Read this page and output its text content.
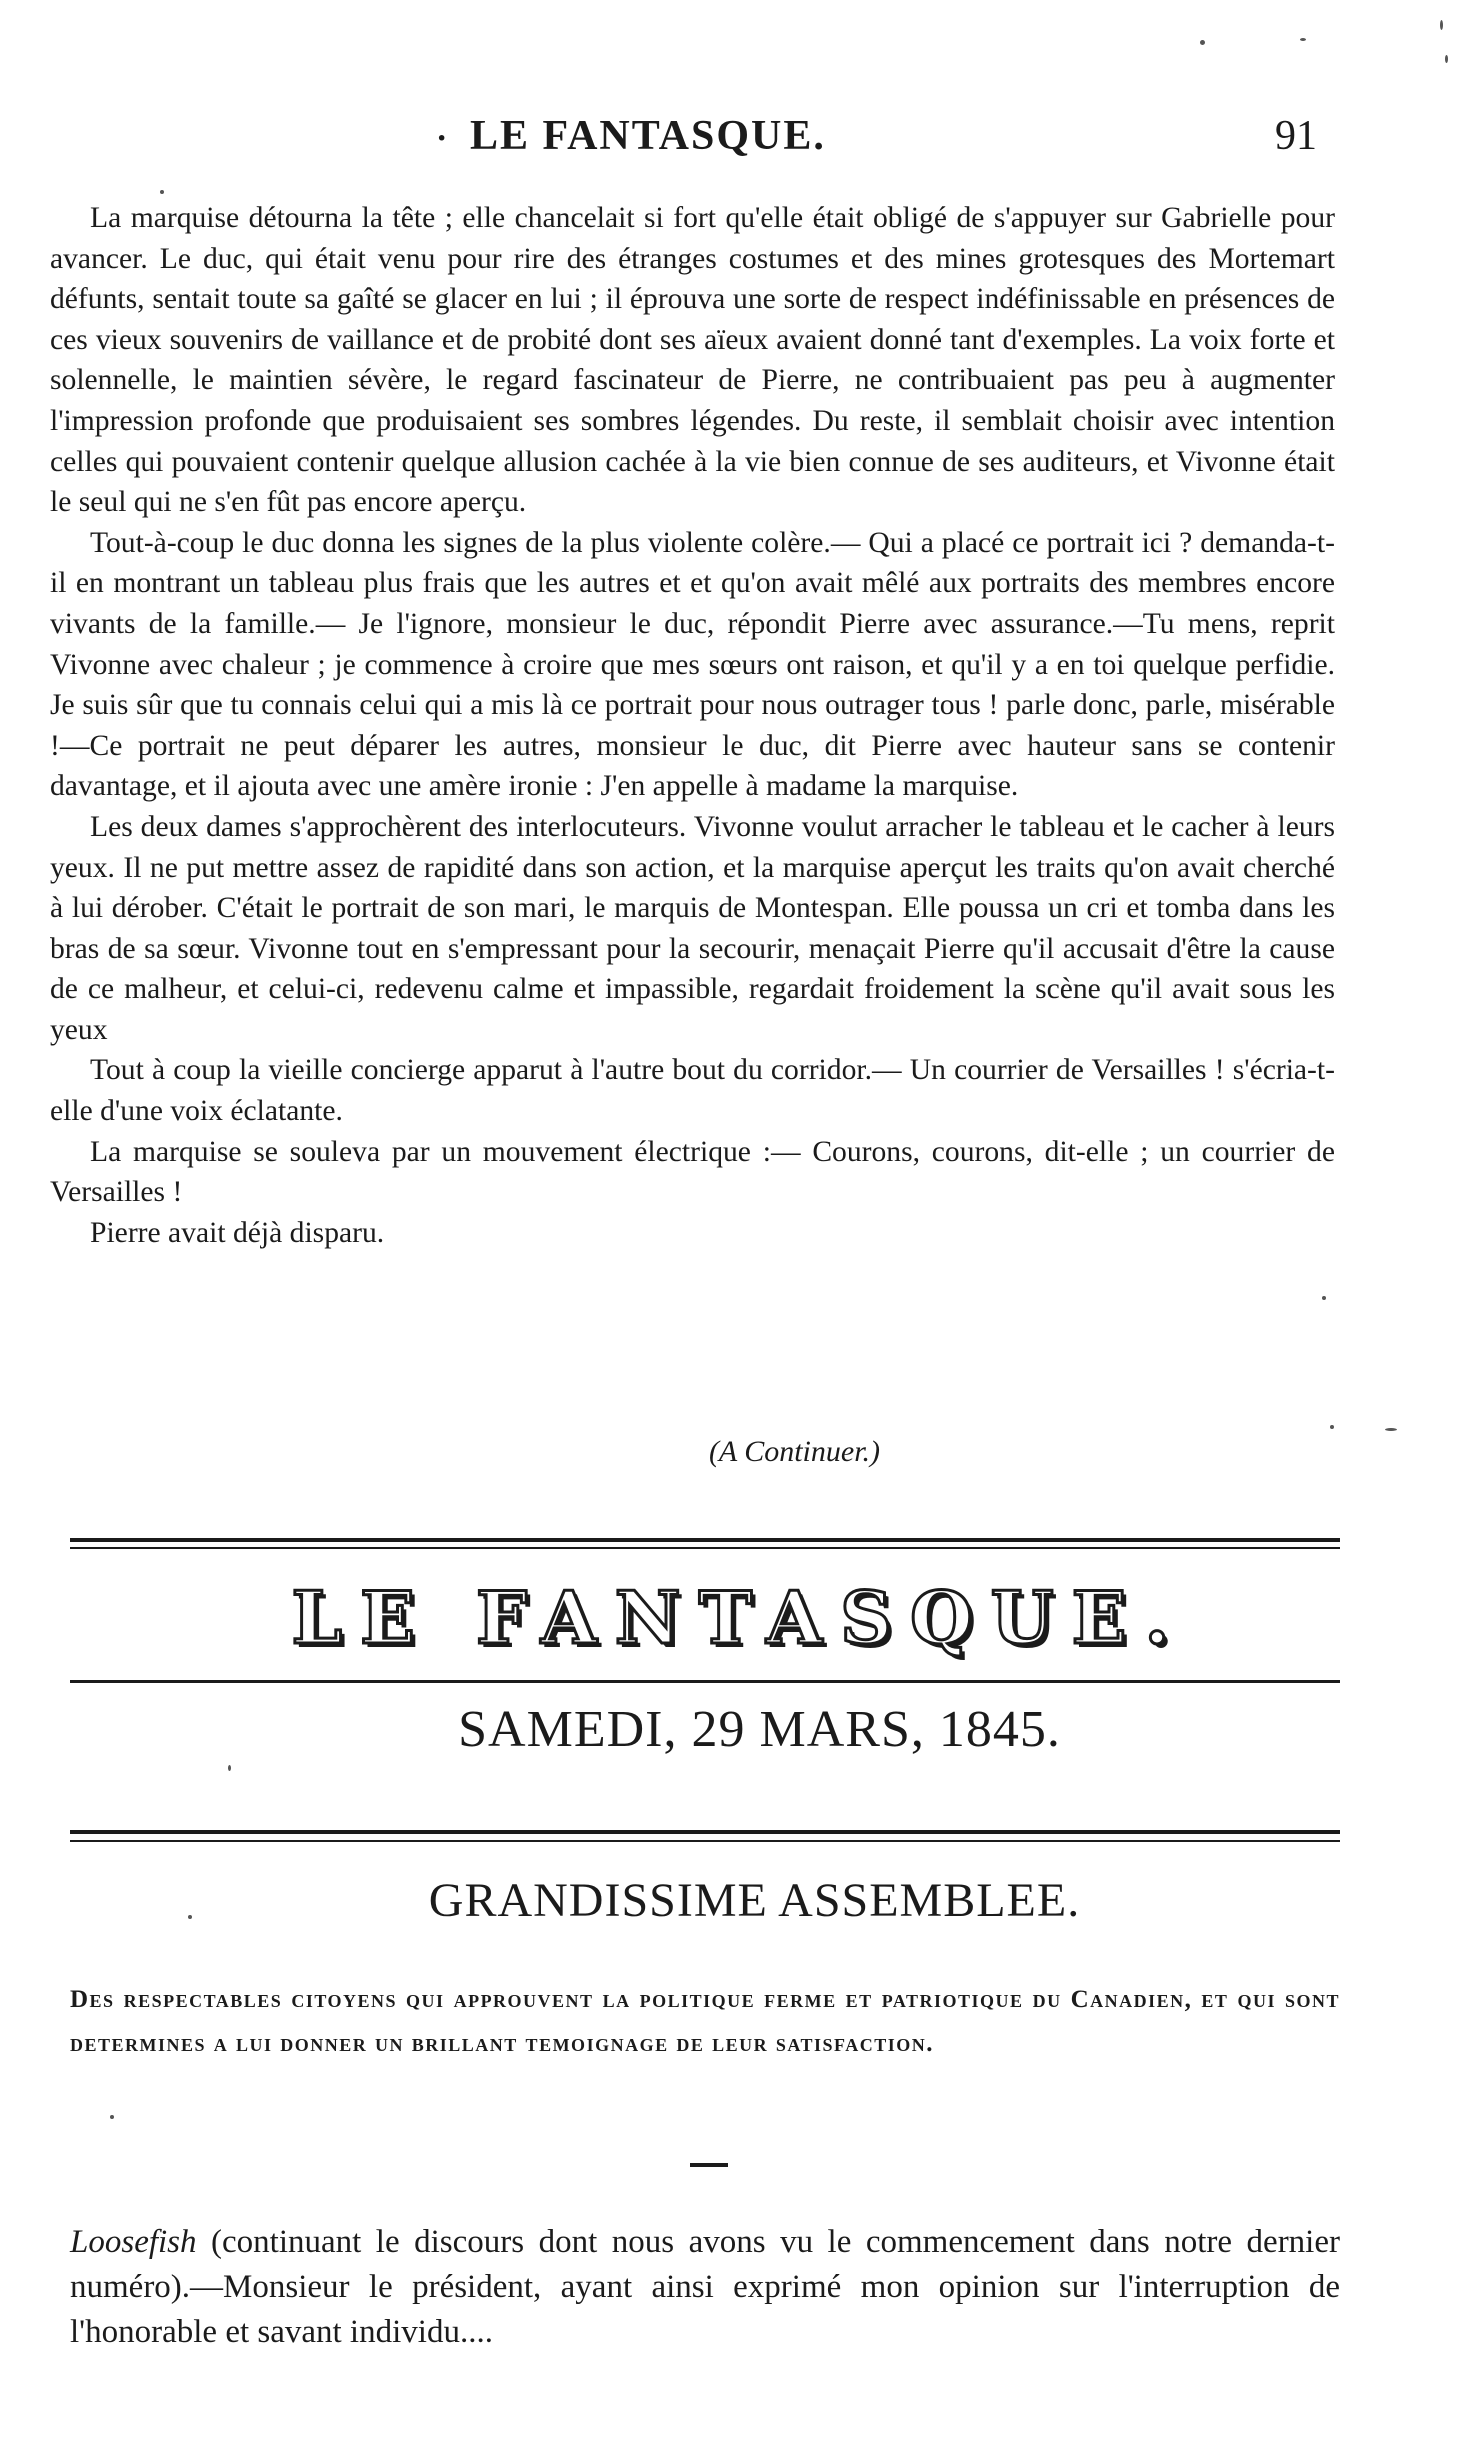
· LE FANTASQUE.	91

La marquise détourna la tête ; elle chancelait si fort qu'elle était obligé de s'appuyer sur Gabrielle pour avancer. Le duc, qui était venu pour rire des étranges costumes et des mines grotesques des Mortemart défunts, sentait toute sa gaîté se glacer en lui ; il éprouva une sorte de respect indéfinissable en présences de ces vieux souvenirs de vaillance et de probité dont ses aïeux avaient donné tant d'exemples. La voix forte et solennelle, le maintien sévère, le regard fascinateur de Pierre, ne contribuaient pas peu à augmenter l'impression profonde que produisaient ses sombres légendes. Du reste, il semblait choisir avec intention celles qui pouvaient contenir quelque allusion cachée à la vie bien connue de ses auditeurs, et Vivonne était le seul qui ne s'en fût pas encore aperçu.

Tout-à-coup le duc donna les signes de la plus violente colère.— Qui a placé ce portrait ici ? demanda-t-il en montrant un tableau plus frais que les autres et et qu'on avait mêlé aux portraits des membres encore vivants de la famille.— Je l'ignore, monsieur le duc, répondit Pierre avec assurance.—Tu mens, reprit Vivonne avec chaleur ; je commence à croire que mes sœurs ont raison, et qu'il y a en toi quelque perfidie. Je suis sûr que tu connais celui qui a mis là ce portrait pour nous outrager tous ! parle donc, parle, misérable !—Ce portrait ne peut déparer les autres, monsieur le duc, dit Pierre avec hauteur sans se contenir davantage, et il ajouta avec une amère ironie : J'en appelle à madame la marquise.

Les deux dames s'approchèrent des interlocuteurs. Vivonne voulut arracher le tableau et le cacher à leurs yeux. Il ne put mettre assez de rapidité dans son action, et la marquise aperçut les traits qu'on avait cherché à lui dérober. C'était le portrait de son mari, le marquis de Montespan. Elle poussa un cri et tomba dans les bras de sa sœur. Vivonne tout en s'empressant pour la secourir, menaçait Pierre qu'il accusait d'être la cause de ce malheur, et celui-ci, redevenu calme et impassible, regardait froidement la scène qu'il avait sous les yeux

Tout à coup la vieille concierge apparut à l'autre bout du corridor.— Un courrier de Versailles ! s'écria-t-elle d'une voix éclatante.

La marquise se souleva par un mouvement électrique :— Courons, courons, dit-elle ; un courrier de Versailles !

Pierre avait déjà disparu.

(A Continuer.)
LE FANTASQUE.
SAMEDI, 29 MARS, 1845.
GRANDISSIME ASSEMBLEE.
Des respectables citoyens qui approuvent la politique ferme et patriotique du Canadien, et qui sont determines a lui donner un brillant temoignage de leur satisfaction.
Loosefish (continuant le discours dont nous avons vu le commencement dans notre dernier numéro).—Monsieur le président, ayant ainsi exprimé mon opinion sur l'interruption de l'honorable et savant individu....
